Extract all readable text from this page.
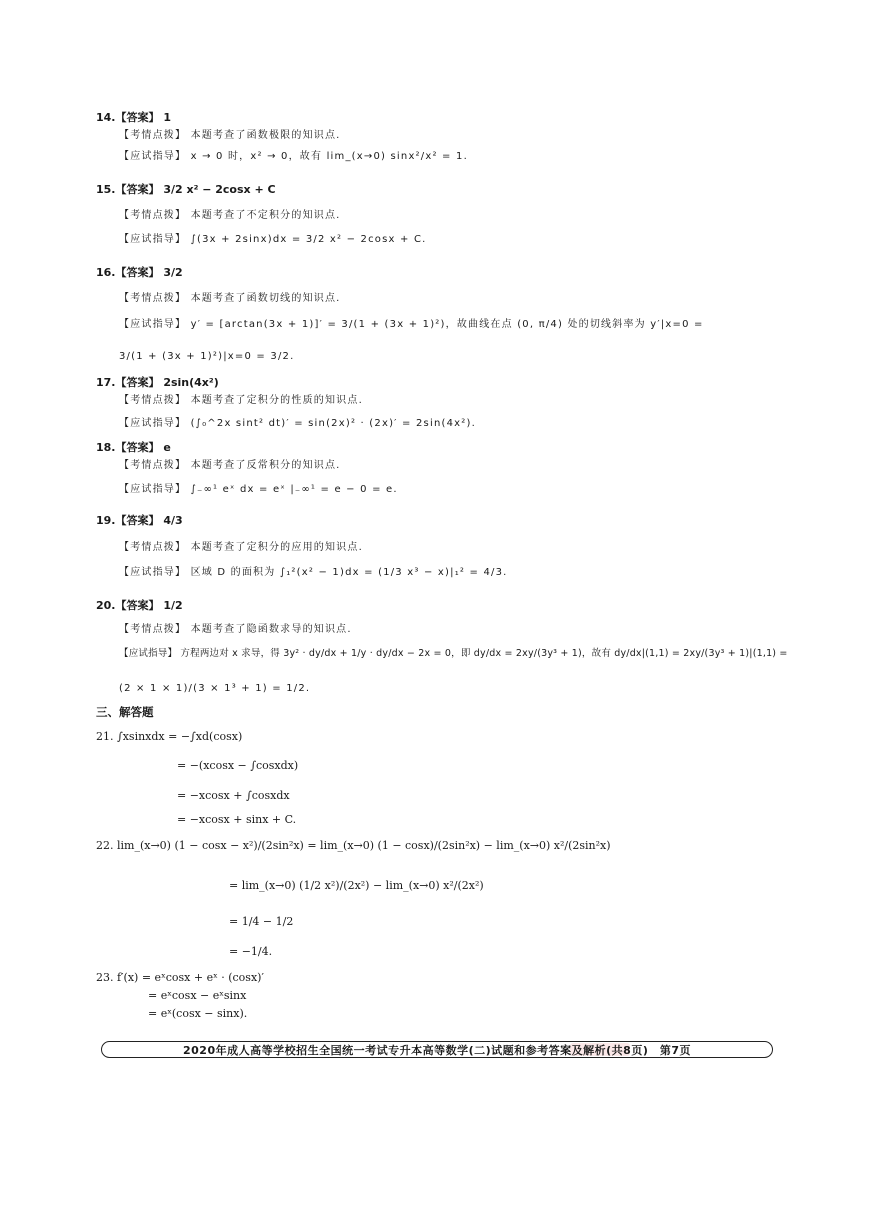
14.【答案】 1
【考情点拨】 本题考查了函数极限的知识点.
【应试指导】 x → 0 时，x² → 0，故有 lim_(x→0) sinx²/x² = 1.
15.【答案】 3/2 x² − 2cosx + C
【考情点拨】 本题考查了不定积分的知识点.
【应试指导】 ∫(3x + 2sinx)dx = 3/2 x² − 2cosx + C.
16.【答案】 3/2
【考情点拨】 本题考查了函数切线的知识点.
【应试指导】 y′ = [arctan(3x + 1)]′ = 3/(1 + (3x + 1)²)，故曲线在点 (0, π/4) 处的切线斜率为 y′|x=0 =
3/(1 + (3x + 1)²)|x=0 = 3/2.
17.【答案】 2sin(4x²)
【考情点拨】 本题考查了定积分的性质的知识点.
【应试指导】 (∫₀^2x sint² dt)′ = sin(2x)² · (2x)′ = 2sin(4x²).
18.【答案】 e
【考情点拨】 本题考查了反常积分的知识点.
【应试指导】 ∫₋∞¹ eˣ dx = eˣ |₋∞¹ = e − 0 = e.
19.【答案】 4/3
【考情点拨】 本题考查了定积分的应用的知识点.
【应试指导】 区域 D 的面积为 ∫₁²(x² − 1)dx = (1/3 x³ − x)|₁² = 4/3.
20.【答案】 1/2
【考情点拨】 本题考查了隐函数求导的知识点.
【应试指导】 方程两边对 x 求导，得 3y² · dy/dx + 1/y · dy/dx − 2x = 0，即 dy/dx = 2xy/(3y³ + 1)，故有 dy/dx|(1,1) = 2xy/(3y³ + 1)|(1,1) =
(2 × 1 × 1)/(3 × 1³ + 1) = 1/2.
三、解答题
21. ∫xsinxdx = −∫xd(cosx)
= −(xcosx − ∫cosxdx)
= −xcosx + ∫cosxdx
= −xcosx + sinx + C.
22. lim_(x→0) (1 − cosx − x²)/(2sin²x) = lim_(x→0) (1 − cosx)/(2sin²x) − lim_(x→0) x²/(2sin²x)
= lim_(x→0) (1/2 x²)/(2x²) − lim_(x→0) x²/(2x²)
= 1/4 − 1/2
= −1/4.
23. f′(x) = eˣcosx + eˣ · (cosx)′
= eˣcosx − eˣsinx
= eˣ(cosx − sinx).
2020年成人高等学校招生全国统一考试专升本高等数学(二)试题和参考答案及解析(共8页)　第7页
